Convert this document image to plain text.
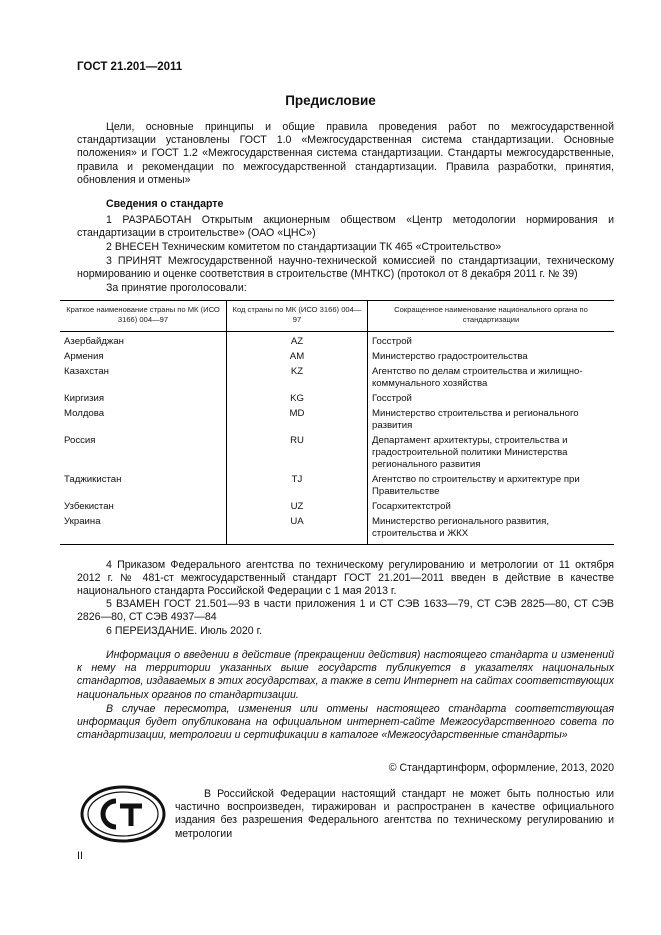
ГОСТ 21.201—2011
Предисловие
Цели, основные принципы и общие правила проведения работ по межгосударственной стандартизации установлены ГОСТ 1.0 «Межгосударственная система стандартизации. Основные положения» и ГОСТ 1.2 «Межгосударственная система стандартизации. Стандарты межгосударственные, правила и рекомендации по межгосударственной стандартизации. Правила разработки, принятия, обновления и отмены»
Сведения о стандарте
1 РАЗРАБОТАН Открытым акционерным обществом «Центр методологии нормирования и стандартизации в строительстве» (ОАО «ЦНС»)
2 ВНЕСЕН Техническим комитетом по стандартизации ТК 465 «Строительство»
3 ПРИНЯТ Межгосударственной научно-технической комиссией по стандартизации, техническому нормированию и оценке соответствия в строительстве (МНТКС) (протокол от 8 декабря 2011 г. № 39)
За принятие проголосовали:
Краткое наименование страны по МК (ИСО 3166) 004—97	Код страны по МК (ИСО 3166) 004—97	Сокращенное наименование национального органа по стандартизации
Азербайджан	AZ	Госстрой
Армения	AM	Министерство градостроительства
Казахстан	KZ	Агентство по делам строительства и жилищно-коммунального хозяйства
Киргизия	KG	Госстрой
Молдова	MD	Министерство строительства и регионального развития
Россия	RU	Департамент архитектуры, строительства и градостроительной политики Министерства регионального развития
Таджикистан	TJ	Агентство по строительству и архитектуре при Правительстве
Узбекистан	UZ	Госархитектстрой
Украина	UA	Министерство регионального развития, строительства и ЖКХ
4 Приказом Федерального агентства по техническому регулированию и метрологии от 11 октября 2012 г. № 481-ст межгосударственный стандарт ГОСТ 21.201—2011 введен в действие в качестве национального стандарта Российской Федерации с 1 мая 2013 г.
5 ВЗАМЕН ГОСТ 21.501—93 в части приложения 1 и СТ СЭВ 1633—79, СТ СЭВ 2825—80, СТ СЭВ 2826—80, СТ СЭВ 4937—84
6 ПЕРЕИЗДАНИЕ. Июль 2020 г.
Информация о введении в действие (прекращении действия) настоящего стандарта и изменений к нему на территории указанных выше государств публикуется в указателях национальных стандартов, издаваемых в этих государствах, а также в сети Интернет на сайтах соответствующих национальных органов по стандартизации.
В случае пересмотра, изменения или отмены настоящего стандарта соответствующая информация будет опубликована на официальном интернет-сайте Межгосударственного совета по стандартизации, метрологии и сертификации в каталоге «Межгосударственные стандарты»
© Стандартинформ, оформление, 2013, 2020
В Российской Федерации настоящий стандарт не может быть полностью или частично воспроизведен, тиражирован и распространен в качестве официального издания без разрешения Федерального агентства по техническому регулированию и метрологии
II
